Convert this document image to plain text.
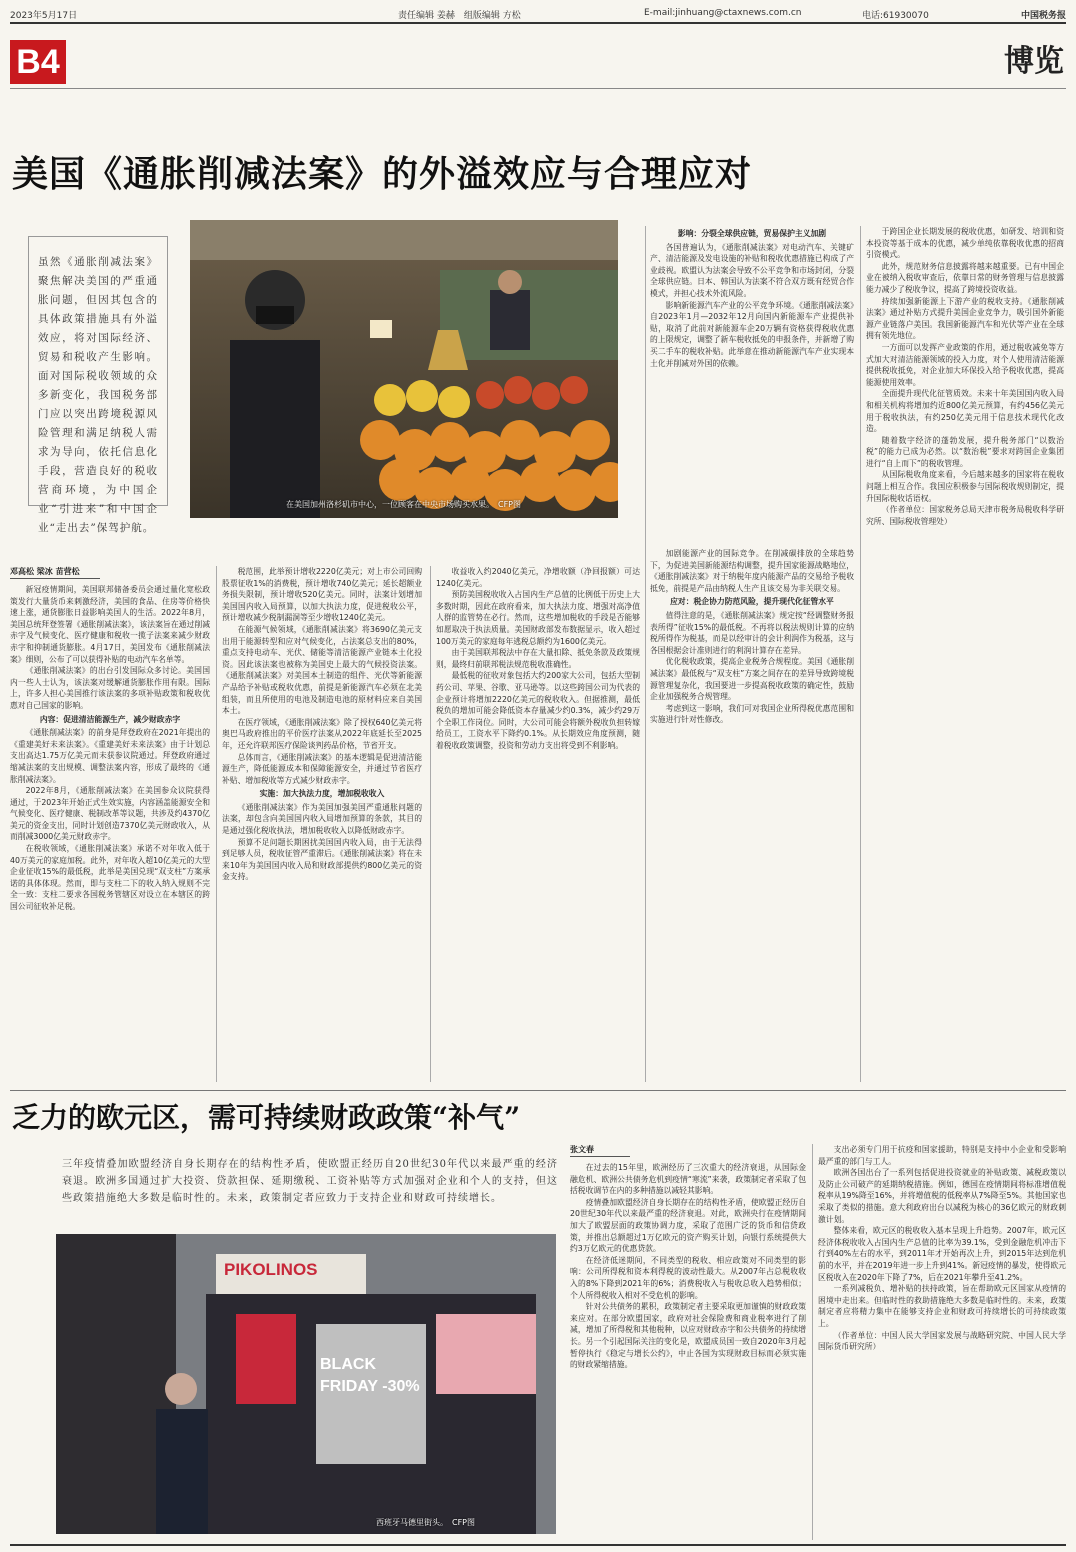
2023年5月17日	责任编辑 姜赫　组版编辑 方松	E-mail:jinhuang@ctaxnews.com.cn	电话:61930070	中国税务报
B4	博览
美国《通胀削减法案》的外溢效应与合理应对
虽然《通胀削减法案》聚焦解决美国的严重通胀问题，但因其包含的具体政策措施具有外溢效应，将对国际经济、贸易和税收产生影响。面对国际税收领域的众多新变化，我国税务部门应以突出跨境税源风险管理和满足纳税人需求为导向，依托信息化手段，营造良好的税收营商环境，为中国企业“引进来”和中国企业“走出去”保驾护航。
在美国加州洛杉矶市中心，一位顾客在中央市场购买水果。　CFP图

影响：分裂全球供应链，贸易保护主义加剧

各国普遍认为，《通胀削减法案》对电动汽车、关键矿产、清洁能源及发电设施的补贴和税收优惠措施已构成了产业歧视。欧盟认为法案会导致不公平竞争和市场封闭，分裂全球供应链。日本、韩国认为法案不符合双方既有经贸合作模式，并担心技术外流风险。

影响新能源汽车产业的公平竞争环境。《通胀削减法案》自2023年1月—2032年12月向国内新能源车产业提供补贴，取消了此前对新能源车企20万辆有资格获得税收优惠的上限规定，调整了新车税收抵免的申报条件，并新增了购买二手车的税收补贴。此举意在推动新能源汽车产业实现本土化并削减对外国的依赖。

于跨国企业长期发展的税收优惠，如研发、培训和资本投资等基于成本的优惠，减少单纯依靠税收优惠的招商引资模式。

此外，规范财务信息披露将越来越重要。已有中国企业在被纳入税收审查后，依靠日常的财务管理与信息披露能力减少了税收争议，提高了跨境投资收益。

持续加强新能源上下游产业的税收支持。《通胀削减法案》通过补贴方式提升美国企业竞争力，吸引国外新能源产业链落户美国。我国新能源汽车和光伏等产业在全球拥有领先地位。

一方面可以发挥产业政策的作用，通过税收减免等方式加大对清洁能源领域的投入力度，对个人使用清洁能源提供税收抵免，对企业加大环保投入给予税收优惠，提高能源使用效率。

全面提升现代化征管质效。未来十年美国国内收入局和相关机构将增加约近800亿美元预算，有约456亿美元用于税收执法，有约250亿美元用于信息技术现代化改造。

随着数字经济的蓬勃发展，提升税务部门“以数治税”的能力已成为必然。以“数治税”要求对跨国企业集团进行“自上而下”的税收管理。

从国际税收角度来看，今后越来越多的国家将在税收问题上相互合作。我国应积极参与国际税收规则制定，提升国际税收话语权。

（作者单位：国家税务总局天津市税务局税收科学研究所、国际税收管理处）

邓高松 梁冰 苗营松

新冠疫情期间，美国联邦储备委员会通过量化宽松政策发行大量货币来刺激经济，美国的食品、住房等价格快速上涨，通货膨胀日益影响美国人的生活。2022年8月，美国总统拜登签署《通胀削减法案》，该法案旨在通过削减赤字及气候变化、医疗健康和税收一揽子法案来减少财政赤字和抑制通货膨胀。4月17日，美国发布《通胀削减法案》细则，公布了可以获得补贴的电动汽车名单等。

《通胀削减法案》的出台引发国际众多讨论。美国国内一些人士认为，该法案对缓解通货膨胀作用有限。国际上，许多人担心美国推行该法案的多项补贴政策和税收优惠对自己国家的影响。

内容：促进清洁能源生产，减少财政赤字

《通胀削减法案》的前身是拜登政府在2021年提出的《重建美好未来法案》。《重建美好未来法案》由于计划总支出高达1.75万亿美元而未获参议院通过。拜登政府通过缩减法案的支出规模、调整法案内容，形成了最终的《通胀削减法案》。

2022年8月，《通胀削减法案》在美国参众议院获得通过，于2023年开始正式生效实施，内容涵盖能源安全和气候变化、医疗健康、税制改革等议题，共涉及约4370亿美元的资金支出，同时计划创造7370亿美元财政收入，从而削减3000亿美元财政赤字。

在税收领域，《通胀削减法案》承诺不对年收入低于40万美元的家庭加税。此外，对年收入超10亿美元的大型企业征收15%的最低税，此举是美国兑现“双支柱”方案承诺的具体体现。然而，即与支柱二下的收入纳入规则不完全一致：支柱二要求各国税务管辖区对设立在本辖区的跨国公司征收补足税。

税范围，此举预计增收2220亿美元；对上市公司回购股票征收1%的消费税，预计增收740亿美元；延长超额业务损失限制，预计增收520亿美元。同时，法案计划增加美国国内收入局预算，以加大执法力度，促进税收公平，预计增收减少税制漏洞等至少增收1240亿美元。

在能源气候领域，《通胀削减法案》将3690亿美元支出用于能源转型和应对气候变化，占法案总支出的80%，重点支持电动车、光伏、储能等清洁能源产业链本土化投资。因此该法案也被称为美国史上最大的气候投资法案。《通胀削减法案》对美国本土制造的组件、光伏等新能源产品给予补贴或税收优惠，前提是新能源汽车必须在北美组装，而且所使用的电池及制造电池的原材料应来自美国本土。

在医疗领域，《通胀削减法案》除了授权640亿美元将奥巴马政府推出的平价医疗法案从2022年底延长至2025年，还允许联邦医疗保险谈判药品价格，节省开支。

总体而言，《通胀削减法案》的基本逻辑是促进清洁能源生产，降低能源成本和保障能源安全，并通过节省医疗补贴、增加税收等方式减少财政赤字。

实施：加大执法力度，增加税收收入

《通胀削减法案》作为美国加强美国严重通胀问题的法案，却包含向美国国内收入局增加预算的条款，其目的是通过强化税收执法，增加税收收入以降低财政赤字。

预算不足问题长期困扰美国国内收入局，由于无法得到足够人员，税收征管严重滞后。《通胀削减法案》将在未来10年为美国国内收入局和财政部提供约800亿美元的资金支持。

收益收入约2040亿美元，净增收额（净回报额）可达1240亿美元。

预防美国税收收入占国内生产总值的比例低于历史上大多数时期，因此在政府看来，加大执法力度、增强对高净值人群的监管势在必行。然而，这些增加税收的手段是否能够如愿取决于执法质量。美国财政部发布数据显示，收入超过100万美元的家庭每年逃税总额约为1600亿美元。

由于美国联邦税法中存在大量扣除、抵免条款及政策规则，最终归前联邦税法规范税收准确性。

最低税的征收对象包括大约200家大公司，包括大型制药公司、苹果、谷歌、亚马逊等。以这些跨国公司为代表的企业预计将增加2220亿美元的税收收入。但据推测，最低税负的增加可能会降低资本存量减少约0.3%，减少约29万个全职工作岗位。同时，大公司可能会将额外税收负担转嫁给员工，工资水平下降约0.1%。从长期效应角度预测，随着税收政策调整，投资和劳动力支出将受到不利影响。

加剧能源产业的国际竞争。在削减碳排放的全球趋势下，为促进美国新能源结构调整，提升国家能源战略地位，《通胀削减法案》对于纳税年度内能源产品的交易给予税收抵免，前提是产品由纳税人生产且该交易为非关联交易。

应对：税企协力防范风险，提升现代化征管水平

值得注意的是，《通胀削减法案》规定按“经调整财务报表所得”征收15%的最低税。不再将以税法规则计算的应纳税所得作为税基，而是以经审计的会计利润作为税基，这与各国根据会计准则进行的利润计算存在差异。

优化税收政策，提高企业税务合规程度。美国《通胀削减法案》最低税与“双支柱”方案之间存在的差异导致跨境税源管理复杂化，我国要进一步提高税收政策的确定性，鼓励企业加强税务合规管理。

考虑到这一影响，我们可对我国企业所得税优惠范围和实施进行针对性修改。

乏力的欧元区，需可持续财政政策“补气”
三年疫情叠加欧盟经济自身长期存在的结构性矛盾，使欧盟正经历自20世纪30年代以来最严重的经济衰退。欧洲多国通过扩大投资、贷款担保、延期缴税、工资补贴等方式加强对企业和个人的支持，但这些政策措施绝大多数是临时性的。未来，政策制定者应致力于支持企业和财政可持续增长。
PIKOLINOS
BLACK FRIDAY -30%
西班牙马德里街头。　CFP图
张文春

在过去的15年里，欧洲经历了三次重大的经济衰退，从国际金融危机、欧洲公共债务危机到疫情“寒流”来袭，政策制定者采取了包括税收调节在内的多种措施以减轻其影响。

疫情叠加欧盟经济自身长期存在的结构性矛盾，使欧盟正经历自20世纪30年代以来最严重的经济衰退。对此，欧洲央行在疫情期间加大了欧盟层面的政策协调力度，采取了范围广泛的货币和信贷政策，并推出总额超过1万亿欧元的资产购买计划，向银行系统提供大约3万亿欧元的优惠贷款。

在经济低迷期间，不同类型的税收、相应政策对不同类型的影响：公司所得税和资本利得税的波动性最大。从2007年占总税收收入的8%下降到2021年的6%；消费税收入与税收总收入趋势相似；个人所得税收入相对不受危机的影响。

针对公共债务的累积，政策制定者主要采取更加谨慎的财政政策来应对。在部分欧盟国家，政府对社会保险费和商业税率进行了削减，增加了所得税和其他税种，以应对财政赤字和公共债务的持续增长。另一个引起国际关注的变化是，欧盟成员国一致自2020年3月起暂停执行《稳定与增长公约》，中止各国为实现财政目标而必须实施的财政紧缩措施。

支出必须专门用于抗疫和国家援助，特别是支持中小企业和受影响最严重的部门与工人。

欧洲各国出台了一系列包括促进投资就业的补贴政策、减税政策以及防止公司破产的延期纳税措施。例如，德国在疫情期间将标准增值税税率从19%降至16%，并将增值税的低税率从7%降至5%。其他国家也采取了类似的措施。意大利政府出台以减税为核心的36亿欧元的财政刺激计划。

整体来看，欧元区的税收收入基本呈现上升趋势。2007年，欧元区经济体税收收入占国内生产总值的比率为39.1%，受到金融危机冲击下行到40%左右的水平，到2011年才开始再次上升，到2015年达到危机前的水平，并在2019年进一步上升到41%。新冠疫情的暴发，使得欧元区税收入在2020年下降了7%，后在2021年攀升至41.2%。

一系列减税负、增补贴的扶持政策，旨在帮助欧元区国家从疫情的困境中走出来。但临时性的救助措施绝大多数是临时性的。未来，政策制定者应将精力集中在能够支持企业和财政可持续增长的可持续政策上。

（作者单位：中国人民大学国家发展与战略研究院、中国人民大学国际货币研究所）
